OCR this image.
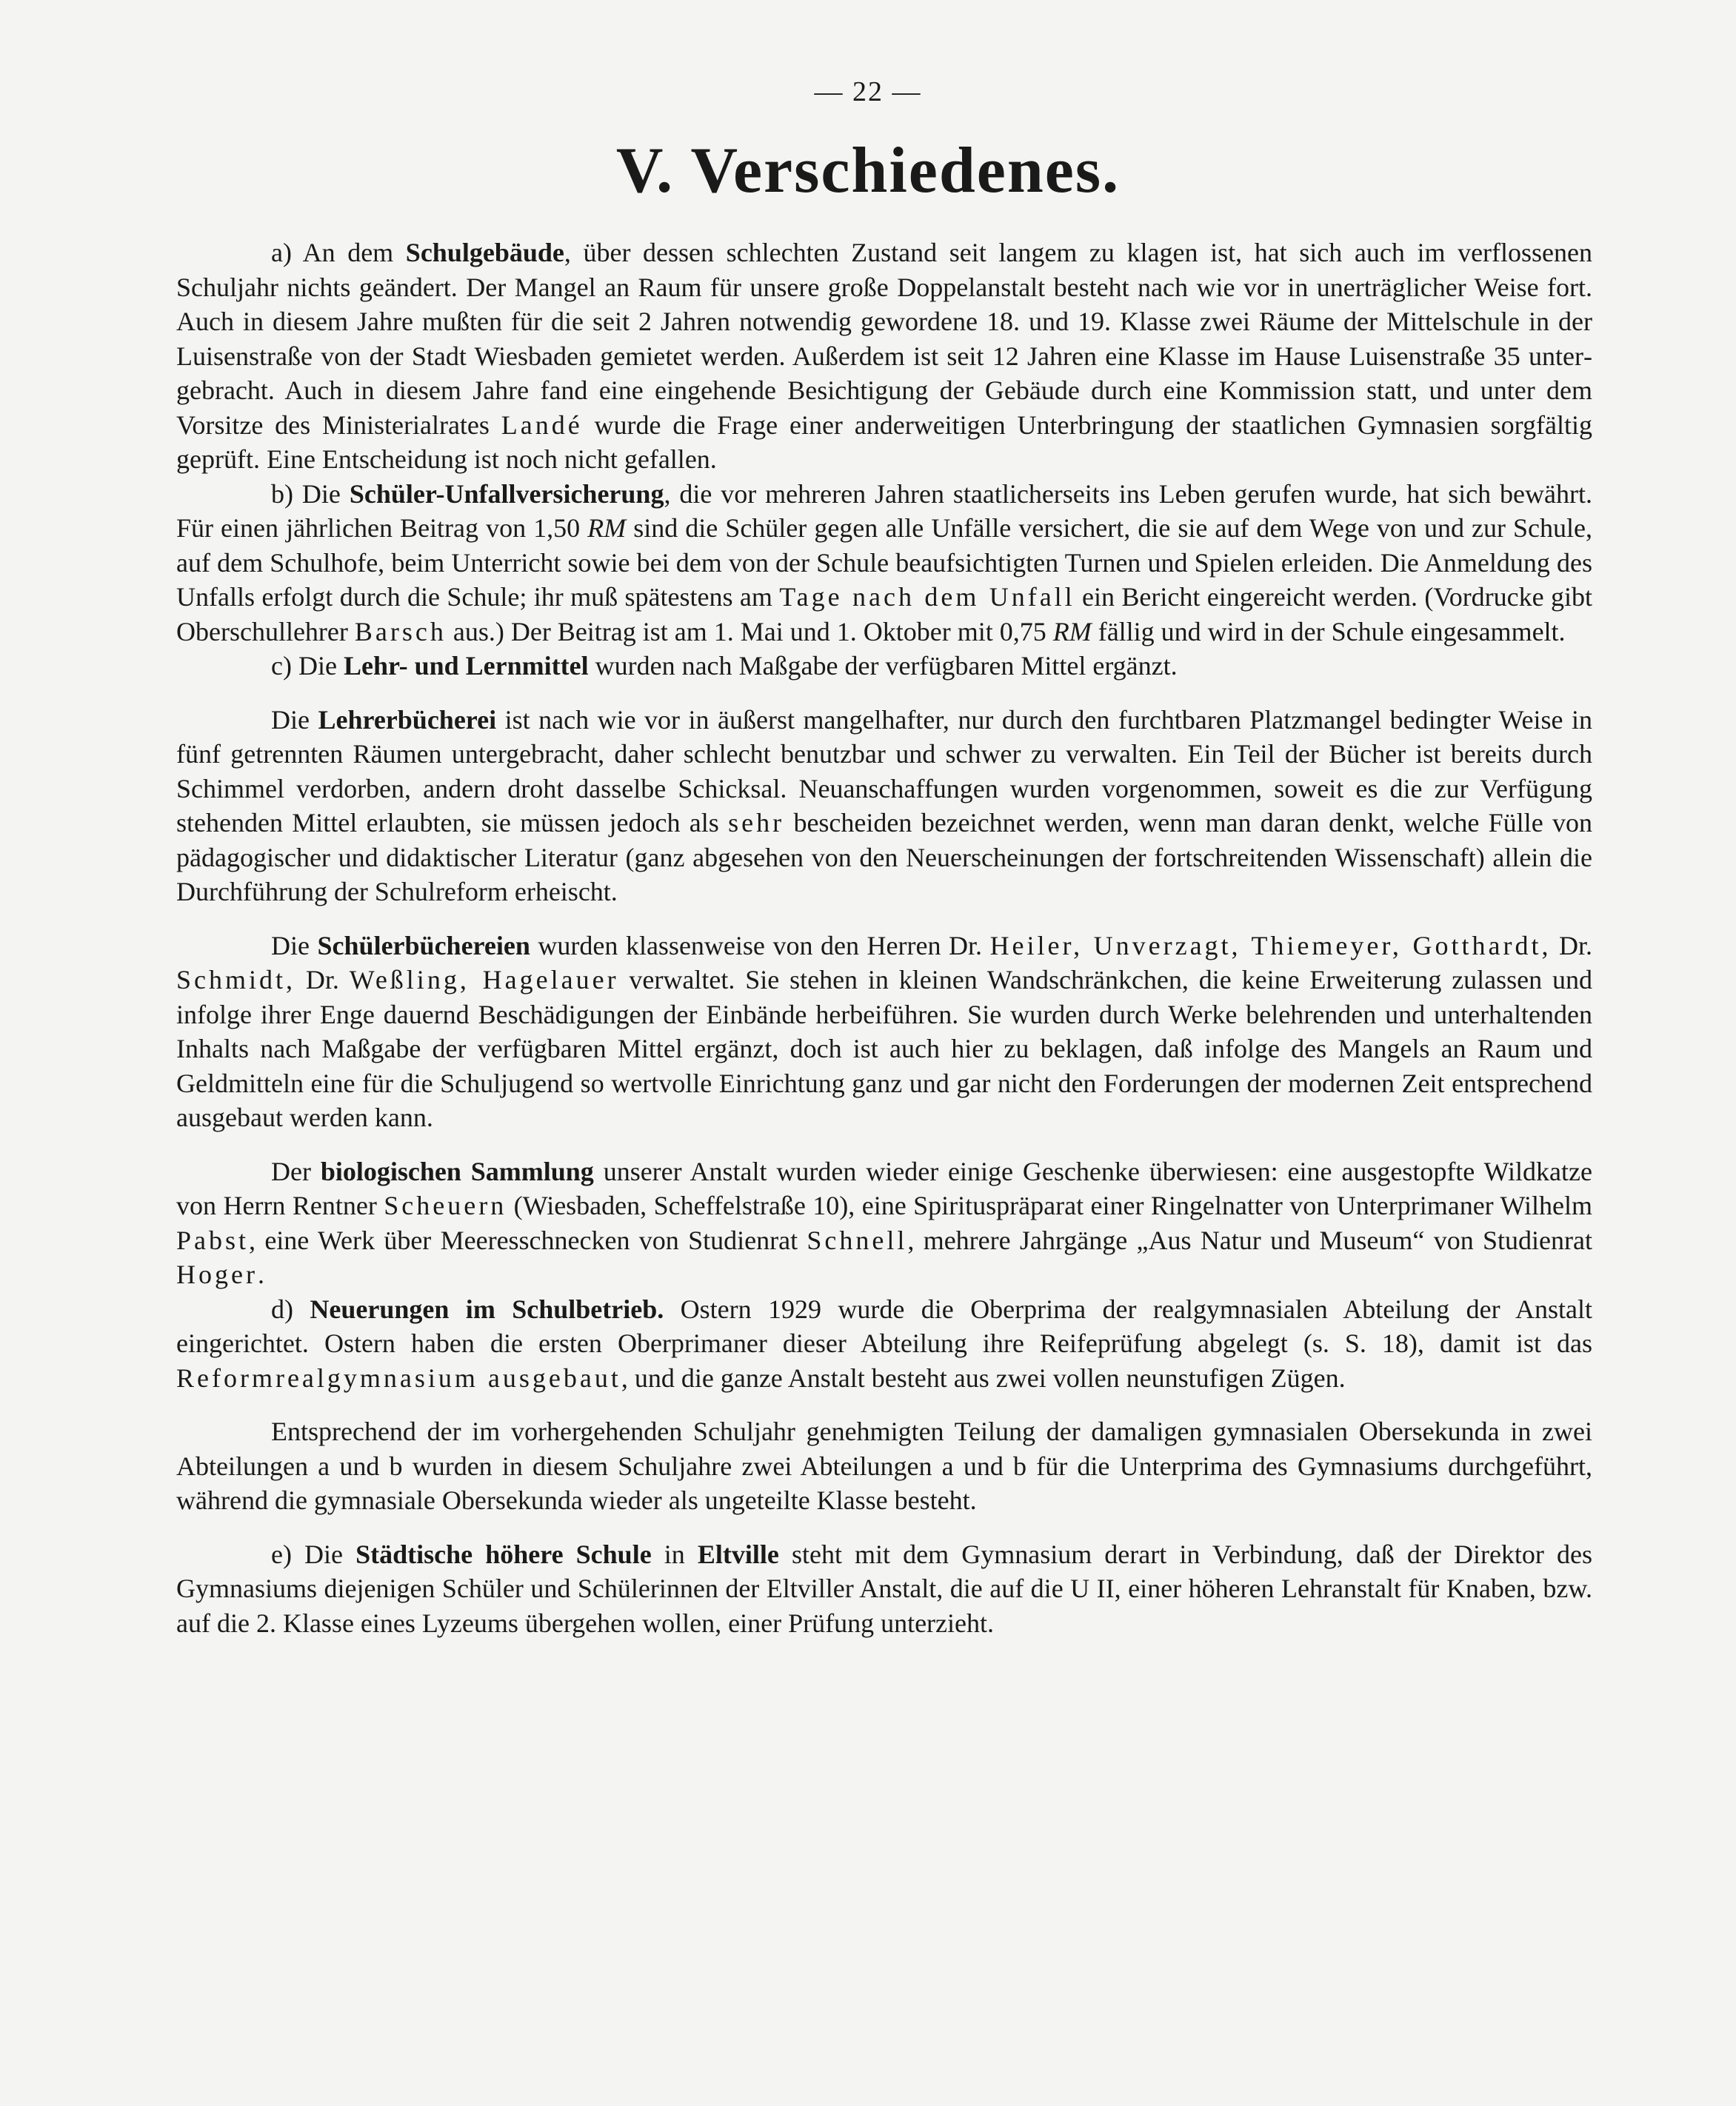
— 22 —
V. Verschiedenes.

a) An dem Schulgebäude, über dessen schlechten Zustand seit langem zu klagen ist, hat sich auch im verflossenen Schuljahr nichts geändert. Der Mangel an Raum für unsere große Doppelanstalt besteht nach wie vor in unerträglicher Weise fort. Auch in diesem Jahre mußten für die seit 2 Jahren notwendig gewordene 18. und 19. Klasse zwei Räume der Mittelschule in der Luisenstraße von der Stadt Wiesbaden gemietet werden. Außerdem ist seit 12 Jahren eine Klasse im Hause Luisenstraße 35 untergebracht. Auch in diesem Jahre fand eine eingehende Besichtigung der Gebäude durch eine Kommission statt, und unter dem Vorsitze des Ministerialrates Landé wurde die Frage einer anderweitigen Unterbringung der staatlichen Gymnasien sorgfältig geprüft. Eine Entscheidung ist noch nicht gefallen.

b) Die Schüler-Unfallversicherung, die vor mehreren Jahren staatlicherseits ins Leben gerufen wurde, hat sich bewährt. Für einen jährlichen Beitrag von 1,50 RM sind die Schüler gegen alle Unfälle versichert, die sie auf dem Wege von und zur Schule, auf dem Schulhofe, beim Unterricht sowie bei dem von der Schule beaufsichtigten Turnen und Spielen erleiden. Die Anmeldung des Unfalls erfolgt durch die Schule; ihr muß spätestens am Tage nach dem Unfall ein Bericht eingereicht werden. (Vordrucke gibt Oberschullehrer Barsch aus.) Der Beitrag ist am 1. Mai und 1. Oktober mit 0,75 RM fällig und wird in der Schule eingesammelt.

c) Die Lehr- und Lernmittel wurden nach Maßgabe der verfügbaren Mittel ergänzt.

Die Lehrerbücherei ist nach wie vor in äußerst mangelhafter, nur durch den furchtbaren Platzmangel bedingter Weise in fünf getrennten Räumen untergebracht, daher schlecht benutzbar und schwer zu verwalten. Ein Teil der Bücher ist bereits durch Schimmel verdorben, andern droht dasselbe Schicksal. Neuanschaffungen wurden vorgenommen, soweit es die zur Verfügung stehenden Mittel erlaubten, sie müssen jedoch als sehr bescheiden bezeichnet werden, wenn man daran denkt, welche Fülle von pädagogischer und didaktischer Literatur (ganz abgesehen von den Neuerscheinungen der fortschreitenden Wissenschaft) allein die Durchführung der Schulreform erheischt.

Die Schülerbüchereien wurden klassenweise von den Herren Dr. Heiler, Unverzagt, Thiemeyer, Gotthardt, Dr. Schmidt, Dr. Weßling, Hagelauer verwaltet. Sie stehen in kleinen Wandschränkchen, die keine Erweiterung zulassen und infolge ihrer Enge dauernd Beschädigungen der Einbände herbeiführen. Sie wurden durch Werke belehrenden und unterhaltenden Inhalts nach Maßgabe der verfügbaren Mittel ergänzt, doch ist auch hier zu beklagen, daß infolge des Mangels an Raum und Geldmitteln eine für die Schuljugend so wertvolle Einrichtung ganz und gar nicht den Forderungen der modernen Zeit entsprechend ausgebaut werden kann.

Der biologischen Sammlung unserer Anstalt wurden wieder einige Geschenke überwiesen: eine ausgestopfte Wildkatze von Herrn Rentner Scheuern (Wiesbaden, Scheffelstraße 10), eine Spirituspräparat einer Ringelnatter von Unterprimaner Wilhelm Pabst, eine Werk über Meeresschnecken von Studienrat Schnell, mehrere Jahrgänge „Aus Natur und Museum“ von Studienrat Hoger.

d) Neuerungen im Schulbetrieb. Ostern 1929 wurde die Oberprima der realgymnasialen Abteilung der Anstalt eingerichtet. Ostern haben die ersten Oberprimaner dieser Abteilung ihre Reifeprüfung abgelegt (s. S. 18), damit ist das Reformrealgymnasium ausgebaut, und die ganze Anstalt besteht aus zwei vollen neunstufigen Zügen.

Entsprechend der im vorhergehenden Schuljahr genehmigten Teilung der damaligen gymnasialen Obersekunda in zwei Abteilungen a und b wurden in diesem Schuljahre zwei Abteilungen a und b für die Unterprima des Gymnasiums durchgeführt, während die gymnasiale Obersekunda wieder als ungeteilte Klasse besteht.

e) Die Städtische höhere Schule in Eltville steht mit dem Gymnasium derart in Verbindung, daß der Direktor des Gymnasiums diejenigen Schüler und Schülerinnen der Eltviller Anstalt, die auf die U II, einer höheren Lehranstalt für Knaben, bzw. auf die 2. Klasse eines Lyzeums übergehen wollen, einer Prüfung unterzieht.
